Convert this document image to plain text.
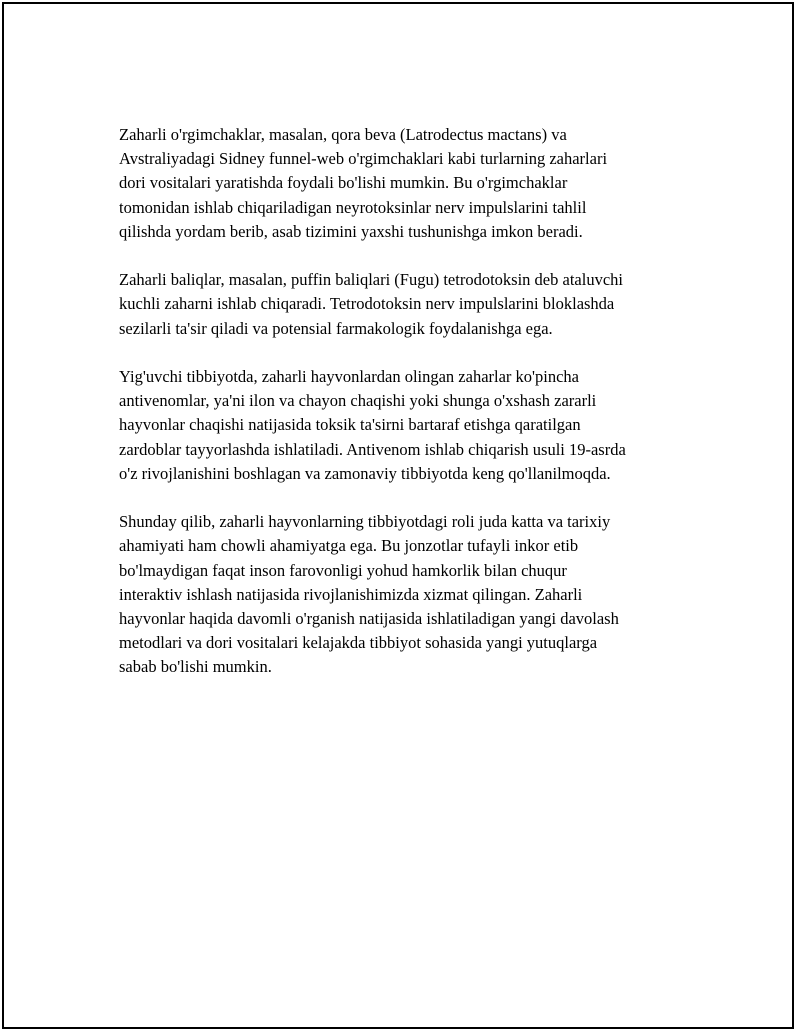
Zaharli o'rgimchaklar, masalan, qora beva (Latrodectus mactans) va
Avstraliyadagi Sidney funnel-web o'rgimchaklari kabi turlarning zaharlari
dori vositalari yaratishda foydali bo'lishi mumkin. Bu o'rgimchaklar
tomonidan ishlab chiqariladigan neyrotoksinlar nerv impulslarini tahlil
qilishda yordam berib, asab tizimini yaxshi tushunishga imkon beradi.

Zaharli baliqlar, masalan, puffin baliqlari (Fugu) tetrodotoksin deb ataluvchi
kuchli zaharni ishlab chiqaradi. Tetrodotoksin nerv impulslarini bloklashda
sezilarli ta'sir qiladi va potensial farmakologik foydalanishga ega.

Yig'uvchi tibbiyotda, zaharli hayvonlardan olingan zaharlar ko'pincha
antivenomlar, ya'ni ilon va chayon chaqishi yoki shunga o'xshash zararli
hayvonlar chaqishi natijasida toksik ta'sirni bartaraf etishga qaratilgan
zardoblar tayyorlashda ishlatiladi. Antivenom ishlab chiqarish usuli 19-asrda
o'z rivojlanishini boshlagan va zamonaviy tibbiyotda keng qo'llanilmoqda.

Shunday qilib, zaharli hayvonlarning tibbiyotdagi roli juda katta va tarixiy
ahamiyati ham chowli ahamiyatga ega. Bu jonzotlar tufayli inkor etib
bo'lmaydigan faqat inson farovonligi yohud hamkorlik bilan chuqur
interaktiv ishlash natijasida rivojlanishimizda xizmat qilingan. Zaharli
hayvonlar haqida davomli o'rganish natijasida ishlatiladigan yangi davolash
metodlari va dori vositalari kelajakda tibbiyot sohasida yangi yutuqlarga
sabab bo'lishi mumkin.
